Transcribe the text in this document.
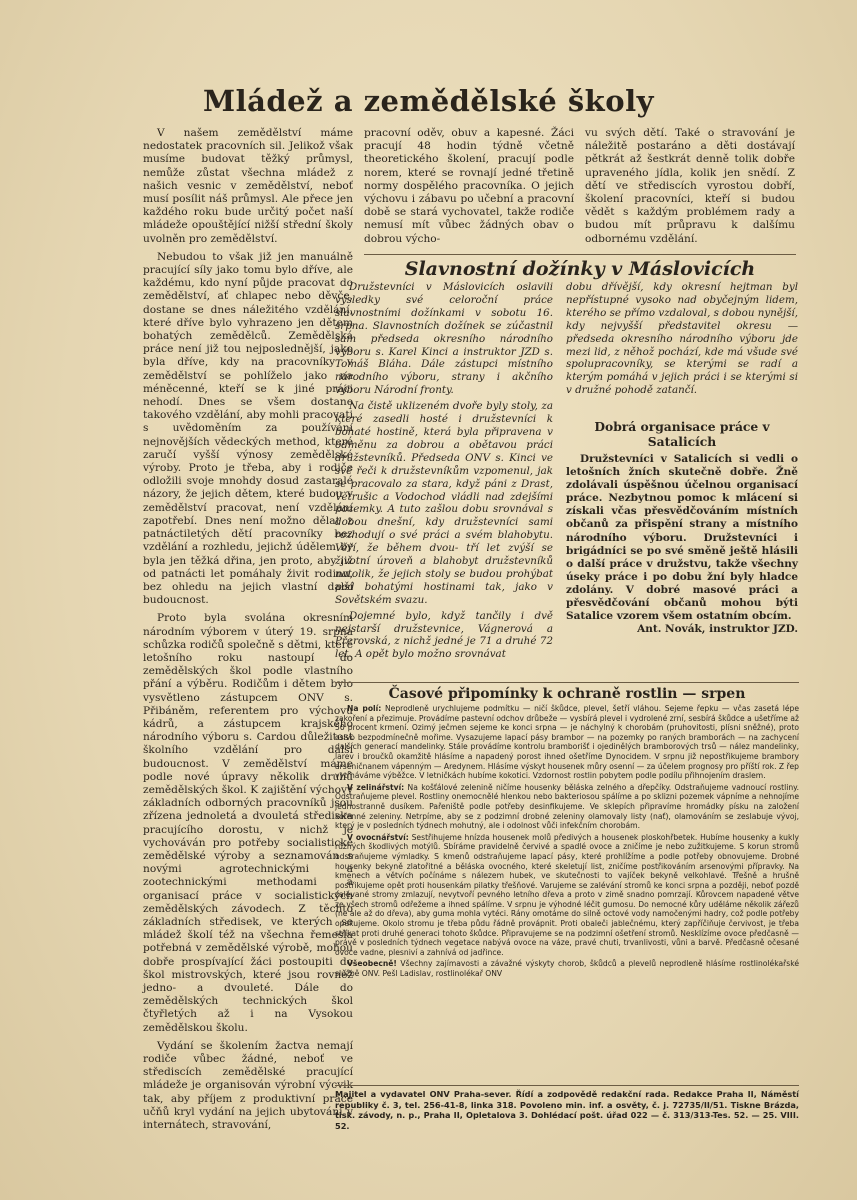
Mládež a zemědělské školy

V našem zemědělství máme nedostatek pracovních sil. Jelikož však musíme budovat těžký průmysl, nemůže zůstat všechna mládež z našich vesnic v zemědělství, neboť musí posílit náš průmysl. Ale přece jen každého roku bude určitý počet naší mládeže opouštějící nižší střední školy uvolněn pro zemědělství.

Nebudou to však již jen manuálně pracující síly jako tomu bylo dříve, ale každému, kdo nyní půjde pracovat do zemědělství, ať chlapec nebo děvče, dostane se dnes náležitého vzdělání, které dříve bylo vyhrazeno jen dětem bohatých zemědělců. Zemědělská práce není již tou nejposlednější, jako byla dříve, kdy na pracovníky v zemědělství se pohlíželo jako na méněcenné, kteří se k jiné práci nehodí. Dnes se všem dostane takového vzdělání, aby mohli pracovati s uvědoměním za používání nejnovějších vědeckých method, které zaručí vyšší výnosy zemědělské výroby. Proto je třeba, aby i rodiče odložili svoje mnohdy dosud zastaralé názory, že jejich dětem, které budou v zemědělství pracovat, není vzdělání zapotřebí. Dnes není možno dělat z patnáctiletých dětí pracovníky bez vzdělání a rozhledu, jejichž údělem by byla jen těžká dřina, jen proto, aby již od patnácti let pomáhaly živit rodinu, bez ohledu na jejich vlastní další budoucnost.

Proto byla svolána okresním národním výborem v úterý 19. srpna schůzka rodičů společně s dětmi, které letošního roku nastoupí do zemědělských škol podle vlastního přání a výběru. Rodičům i dětem bylo vysvětleno zástupcem ONV s. Přibáněm, referentem pro výchovu kádrů, a zástupcem krajského národního výboru s. Cardou důležitost školního vzdělání pro další budoucnost. V zemědělství máme podle nové úpravy několik druhů zemědělských škol. K zajištění výchovy základních odborných pracovníků jsou zřízena jednoletá a dvouletá střediska pracujícího dorostu, v nichž je vychováván pro potřeby socialistické zemědělské výroby a seznamován s novými agrotechnickými a zootechnickými methodami a organisací práce v socialistických zemědělských závodech. Z těchto základních středisek, ve kterých se mládež školí též na všechna řemesla potřebná v zemědělské výrobě, mohou dobře prospívající žáci postoupiti do škol mistrovských, které jsou rovněž jedno- a dvouleté. Dále do zemědělských technických škol čtyřletých až i na Vysokou zemědělskou školu.

Vydání se školením žactva nemají rodiče vůbec žádné, neboť ve střediscích zemědělské pracující mládeže je organisován výrobní výcvik tak, aby příjem z produktivní práce učňů kryl vydání na jejich ubytování v internátech, stravování,

pracovní oděv, obuv a kapesné. Žáci pracují 48 hodin týdně včetně theoretického školení, pracují podle norem, které se rovnají jedné třetině normy dospělého pracovníka. O jejich výchovu i zábavu po učební a pracovní době se stará vychovatel, takže rodiče nemusí mít vůbec žádných obav o dobrou výcho-

vu svých dětí. Také o stravování je náležitě postaráno a děti dostávají pětkrát až šestkrát denně tolik dobře upraveného jídla, kolik jen snědí. Z dětí ve střediscích vyrostou dobří, školení pracovníci, kteří si budou vědět s každým problémem rady a budou mít průpravu k dalšímu odbornému vzdělání.

Slavnostní dožínky v Máslovicích

Družstevníci v Máslovicích oslavili výsledky své celoroční práce slavnostními dožínkami v sobotu 16. srpna. Slavnostních dožínek se zúčastnil sám předseda okresního národního výboru s. Karel Kinci a instruktor JZD s. Tomáš Bláha. Dále zástupci místního národního výboru, strany i akčního výboru Národní fronty.

Na čistě uklizeném dvoře byly stoly, za které zasedli hosté i družstevníci k bohaté hostině, která byla připravena v odměnu za dobrou a obětavou práci družstevníků. Předseda ONV s. Kinci ve své řeči k družstevníkům vzpomenul, jak se pracovalo za stara, když páni z Drast, Větrušic a Vodochod vládli nad zdejšími pozemky. A tuto zašlou dobu srovnával s dobou dnešní, kdy družstevníci sami rozhodují o své práci a svém blahobytu. Věří, že během dvou- tří let zvýší se životní úroveň a blahobyt družstevníků natolik, že jejich stoly se budou prohýbat pod bohatými hostinami tak, jako v Sovětském svazu.

Dojemné bylo, když tančily i dvě nejstarší družstevnice, Vágnerová a Přerovská, z nichž jedné je 71 a druhé 72 let. A opět bylo možno srovnávat

dobu dřívější, kdy okresní hejtman byl nepřístupné vysoko nad obyčejným lidem, kterého se přímo vzdaloval, s dobou nynější, kdy nejvyšší představitel okresu — předseda okresního národního výboru jde mezi lid, z něhož pochází, kde má všude své spolupracovníky, se kterými se radí a kterým pomáhá v jejich práci i se kterými si v družné pohodě zatančí.

Dobrá organisace práce v Satalicích

Družstevníci v Satalicích si vedli o letošních žních skutečně dobře. Žně zdolávali úspěšnou účelnou organisací práce. Nezbytnou pomoc k mlácení si získali včas přesvědčováním místních občanů za přispění strany a místního národního výboru. Družstevníci i brigádníci se po své směně ještě hlásili o další práce v družstvu, takže všechny úseky práce i po dobu žní byly hladce zdolány. V dobré masové práci a přesvědčování občanů mohou býti Satalice vzorem všem ostatním obcím.

Ant. Novák, instruktor JZD.

Časové připomínky k ochraně rostlin — srpen

Na polí: Neprodleně urychlujeme podmítku — ničí škůdce, plevel, šetří vláhou. Sejeme řepku — včas zasetá lépe zakoření a přezimuje. Provádíme pastevní odchov drůbeže — vysbírá plevel i vydrolené zrní, sesbírá škůdce a ušetříme až 50 procent krmení. Ozimý ječmen sejeme ke konci srpna — je náchylný k chorobám (pruhovitosti, plísni sněžné), proto osivo bezpodmínečně mořime. Vysazujeme lapací pásy brambor — na pozemky po raných bramborách — na zachycení dalších generací mandelinky. Stále provádíme kontrolu bramborišť i ojedinělých bramborových trsů — nález mandelinky, larev i broučků okamžitě hlásíme a napadený porost ihned ošetříme Dynocidem. V srpnu již nepostřikujeme brambory arseničnanem vápenným — Aredynem. Hlásíme výskyt housenek můry osenní — za účelem prognosy pro příští rok. Z řep vytrháváme výběžce. V letničkách hubíme kokotici. Vzdornost rostlin pobytem podle podílu přihnojením draslem.

V zelinářství: Na košťálové zelenině ničíme housenky běláska zelného a dřepčíky. Odstraňujeme vadnoucí rostliny. Odstraňujeme plevel. Rostliny onemocnělé hlenkou nebo bakteriosou spálíme a po sklizni pozemek vápníme a nehnojíme jednostranně dusíkem. Pařeniště podle potřeby desinfikujeme. Ve sklepích připravíme hromádky písku na založení kořenné zeleniny. Netrpíme, aby se z podzimní drobné zeleniny olamovaly listy (nať), olamováním se zeslabuje vývoj, který je v posledních týdnech mohutný, ale i odolnost vůči infekčním chorobám.

V ovocnářství: Sestřihujeme hnízda housenek molů předivých a housenek ploskohřbetek. Hubíme housenky a kukly různých škodlivých motýlů. Sbíráme pravidelně červivé a spadlé ovoce a zničíme je nebo zužitkujeme. S korun stromů odstraňujeme výmladky. S kmenů odstraňujeme lapací pásy, které prohlížíme a podle potřeby obnovujeme. Drobné housenky bekyně zlatořitné a běláska ovocného, které skeletují list, zničíme postřikováním arsenovými přípravky. Na kmenech a větvích počínáme s nálezem hubek, ve skutečnosti to vajíček bekyně velkohlavé. Třešně a hrušně postřikujeme opět proti housenkám pilatky třešňové. Varujeme se zalévání stromů ke konci srpna a později, neboť pozdě zalévané stromy zmlazují, nevytvoří pevného letního dřeva a proto v zimě snadno pomrzají. Kůrovcem napadené větve ze všech stromů odřežeme a ihned spálíme. V srpnu je výhodné léčit gumosu. Do nemocné kůry uděláme několik zářezů (ne ale až do dřeva), aby guma mohla vytéci. Rány omotáme do silně octové vody namočenými hadry, což podle potřeby opakujeme. Okolo stromu je třeba půdu řádně provápnit. Proti obaleči jablečnému, který zapříčiňuje červivost, je třeba stříkat proti druhé generaci tohoto škůdce. Připravujeme se na podzimní ošetření stromů. Nesklízíme ovoce předčasně — právě v posledních týdnech vegetace nabývá ovoce na váze, pravé chuti, trvanlivosti, vůni a barvě. Předčasně očesané ovoce vadne, plesniví a zahnívá od jadřince.

Všeobecně! Všechny zajímavosti a závažné výskyty chorob, škůdců a plevelů neprodleně hlásíme rostlinolékařské službě ONV. Pešl Ladislav, rostlinolékař ONV

Majitel a vydavatel ONV Praha-sever. Řídí a zodpovědě redakční rada. Redakce Praha II, Náměstí republiky č. 3, tel. 256-41-8, linka 318. Povoleno min. inf. a osvěty, č. j. 72735/II/51. Tiskne Brázda, tisk. závody, n. p., Praha II, Opletalova 3. Dohlédací pošt. úřad 022 — č. 313/313-Tes. 52. — 25. VIII. 52.
